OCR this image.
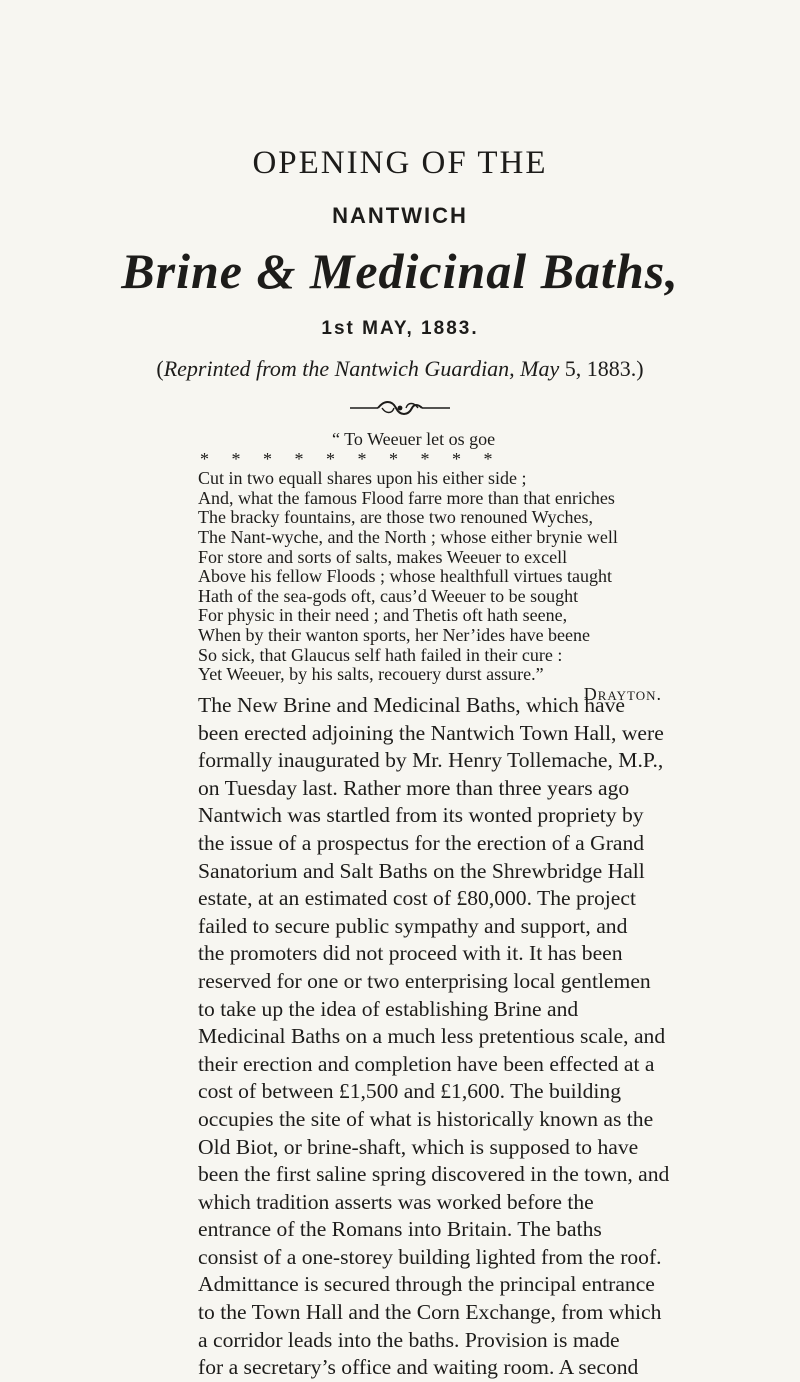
OPENING OF THE
NANTWICH
Brine & Medicinal Baths,
1st MAY, 1883.
(Reprinted from the Nantwich Guardian, May 5, 1883.)
“ To Weeuer let os goe
* * * * * * * * * *
Cut in two equall shares upon his either side ;
And, what the famous Flood farre more than that enriches
The bracky fountains, are those two renouned Wyches,
The Nant-wyche, and the North ; whose either brynie well
For store and sorts of salts, makes Weeuer to excell
Above his fellow Floods ; whose healthfull virtues taught
Hath of the sea-gods oft, caus’d Weeuer to be sought
For physic in their need ; and Thetis oft hath seene,
When by their wanton sports, her Ner’ides have beene
So sick, that Glaucus self hath failed in their cure :
Yet Weeuer, by his salts, recouery durst assure.”
Drayton.
The New Brine and Medicinal Baths, which have
been erected adjoining the Nantwich Town Hall, were
formally inaugurated by Mr. Henry Tollemache, M.P.,
on Tuesday last. Rather more than three years ago
Nantwich was startled from its wonted propriety by
the issue of a prospectus for the erection of a Grand
Sanatorium and Salt Baths on the Shrewbridge Hall
estate, at an estimated cost of £80,000. The project
failed to secure public sympathy and support, and
the promoters did not proceed with it. It has been
reserved for one or two enterprising local gentlemen
to take up the idea of establishing Brine and
Medicinal Baths on a much less pretentious scale, and
their erection and completion have been effected at a
cost of between £1,500 and £1,600. The building
occupies the site of what is historically known as the
Old Biot, or brine-shaft, which is supposed to have
been the first saline spring discovered in the town, and
which tradition asserts was worked before the
entrance of the Romans into Britain. The baths
consist of a one-storey building lighted from the roof.
Admittance is secured through the principal entrance
to the Town Hall and the Corn Exchange, from which
a corridor leads into the baths. Provision is made
for a secretary’s office and waiting room. A second
